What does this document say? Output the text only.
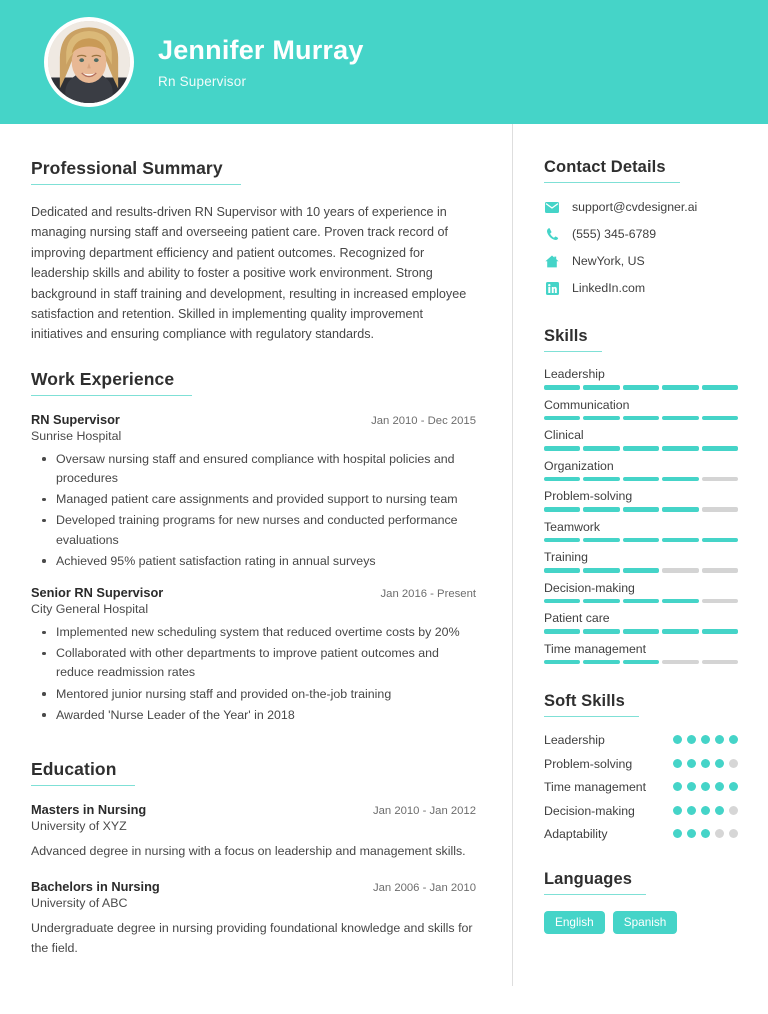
Jennifer Murray
Rn Supervisor
Professional Summary
Dedicated and results-driven RN Supervisor with 10 years of experience in managing nursing staff and overseeing patient care. Proven track record of improving department efficiency and patient outcomes. Recognized for leadership skills and ability to foster a positive work environment. Strong background in staff training and development, resulting in increased employee satisfaction and retention. Skilled in implementing quality improvement initiatives and ensuring compliance with regulatory standards.
Work Experience
RN Supervisor	Jan 2010 - Dec 2015
Sunrise Hospital
Oversaw nursing staff and ensured compliance with hospital policies and procedures
Managed patient care assignments and provided support to nursing team
Developed training programs for new nurses and conducted performance evaluations
Achieved 95% patient satisfaction rating in annual surveys
Senior RN Supervisor	Jan 2016 - Present
City General Hospital
Implemented new scheduling system that reduced overtime costs by 20%
Collaborated with other departments to improve patient outcomes and reduce readmission rates
Mentored junior nursing staff and provided on-the-job training
Awarded 'Nurse Leader of the Year' in 2018
Education
Masters in Nursing	Jan 2010 - Jan 2012
University of XYZ
Advanced degree in nursing with a focus on leadership and management skills.
Bachelors in Nursing	Jan 2006 - Jan 2010
University of ABC
Undergraduate degree in nursing providing foundational knowledge and skills for the field.
Contact Details
support@cvdesigner.ai
(555) 345-6789
NewYork, US
LinkedIn.com
Skills
Leadership
Communication
Clinical
Organization
Problem-solving
Teamwork
Training
Decision-making
Patient care
Time management
Soft Skills
Leadership
Problem-solving
Time management
Decision-making
Adaptability
Languages
English	Spanish
